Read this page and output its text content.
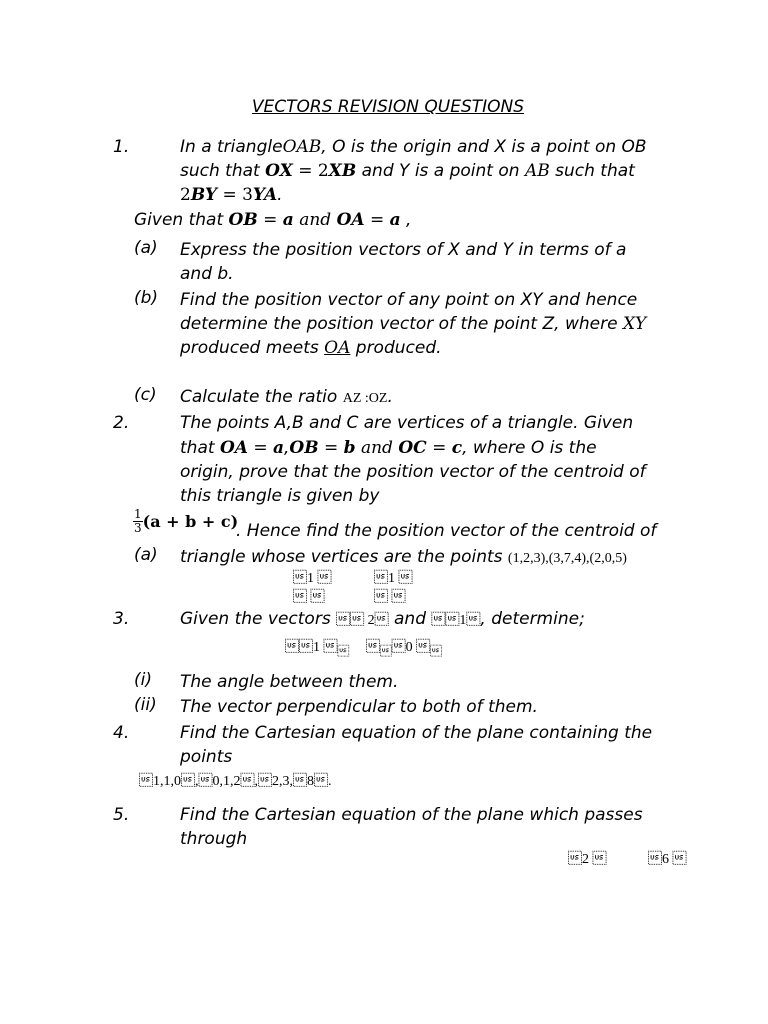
VECTORS REVISION QUESTIONS
1.	In a triangleOAB, O is the origin and X is a point on OB
such that OX = 2XB and Y is a point on AB such that
2BY = 3YA.
Given that OB = a and OA = a ,
(a) Express the position vectors of X and Y in terms of a
and b.
(b) Find the position vector of any point on XY and hence
determine the position vector of the point Z, where XY
produced meets OA produced.
(c) Calculate the ratio AZ :OZ.
2.	The points A,B and C are vertices of a triangle. Given
that OA = a,OB = b and OC = c, where O is the
origin, prove that the position vector of the centroid of
this triangle is given by
$\frac{1}{3} (a + b + c)$
. Hence find the position vector of the centroid of
(a) triangle whose vertices are the points (1,2,3),(3,7,4),(2,0,5)
1 	1 

3.	Given the vectors  2 and 1, determine;
1  0 
(i) The angle between them.
(ii) The vector perpendicular to both of them.
4.	Find the Cartesian equation of the plane containing the
points
1,1,0,0,1,2,2,3,8.
5.	Find the Cartesian equation of the plane which passes
through
2 	6 
